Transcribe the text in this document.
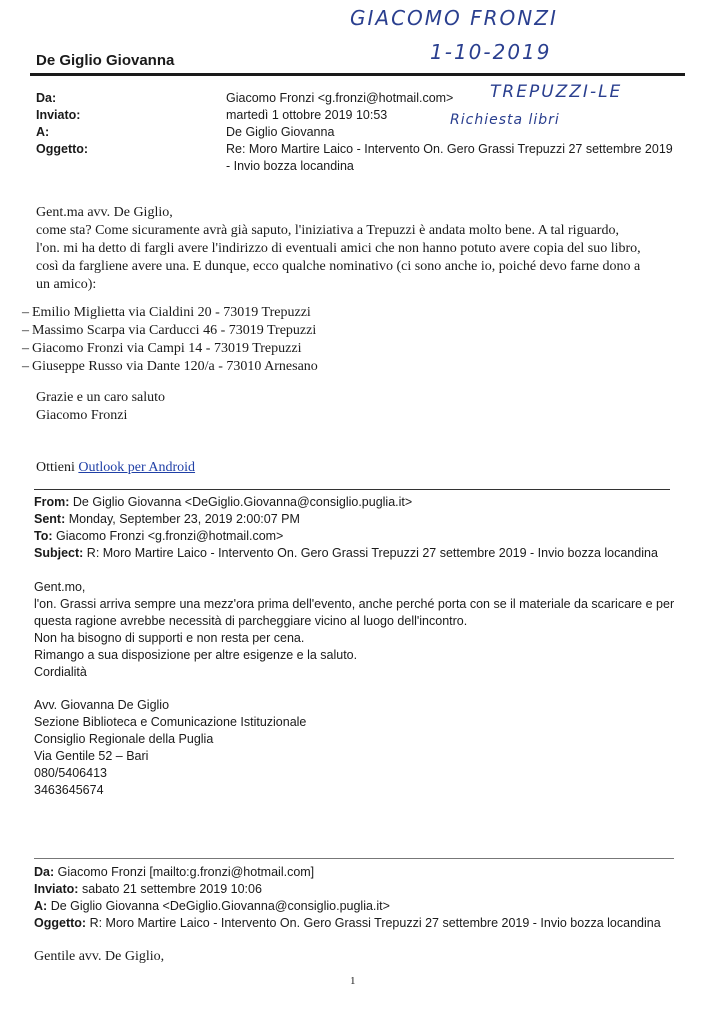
GIACOMO FRONZI
1-10-2019
TREPUZZI-LE
Richiesta libri
De Giglio Giovanna
Da:	Giacomo Fronzi <g.fronzi@hotmail.com>
Inviato:	martedì 1 ottobre 2019 10:53
A:	De Giglio Giovanna
Oggetto:	Re: Moro Martire Laico - Intervento On. Gero Grassi Trepuzzi 27 settembre 2019 - Invio bozza locandina
Gent.ma avv. De Giglio,
come sta? Come sicuramente avrà già saputo, l'iniziativa a Trepuzzi è andata molto bene. A tal riguardo,
l'on. mi ha detto di fargli avere l'indirizzo di eventuali amici che non hanno potuto avere copia del suo libro,
così da fargliene avere una. E dunque, ecco qualche nominativo (ci sono anche io, poiché devo farne dono a
un amico):
– Emilio Miglietta via Cialdini 20 - 73019 Trepuzzi
– Massimo Scarpa via Carducci 46 - 73019 Trepuzzi
– Giacomo Fronzi via Campi 14 - 73019 Trepuzzi
– Giuseppe Russo via Dante 120/a - 73010 Arnesano
Grazie e un caro saluto
Giacomo Fronzi
Ottieni Outlook per Android
From: De Giglio Giovanna <DeGiglio.Giovanna@consiglio.puglia.it>
Sent: Monday, September 23, 2019 2:00:07 PM
To: Giacomo Fronzi <g.fronzi@hotmail.com>
Subject: R: Moro Martire Laico - Intervento On. Gero Grassi Trepuzzi 27 settembre 2019 - Invio bozza locandina
Gent.mo,
l'on. Grassi arriva sempre una mezz'ora prima dell'evento, anche perché porta con se il materiale da scaricare e per
questa ragione avrebbe necessità di parcheggiare vicino al luogo dell'incontro.
Non ha bisogno di supporti e non resta per cena.
Rimango a sua disposizione per altre esigenze e la saluto.
Cordialità
Avv. Giovanna De Giglio
Sezione Biblioteca e Comunicazione Istituzionale
Consiglio Regionale della Puglia
Via Gentile 52 – Bari
080/5406413
3463645674
Da: Giacomo Fronzi [mailto:g.fronzi@hotmail.com]
Inviato: sabato 21 settembre 2019 10:06
A: De Giglio Giovanna <DeGiglio.Giovanna@consiglio.puglia.it>
Oggetto: R: Moro Martire Laico - Intervento On. Gero Grassi Trepuzzi 27 settembre 2019 - Invio bozza locandina
Gentile avv. De Giglio,
1
